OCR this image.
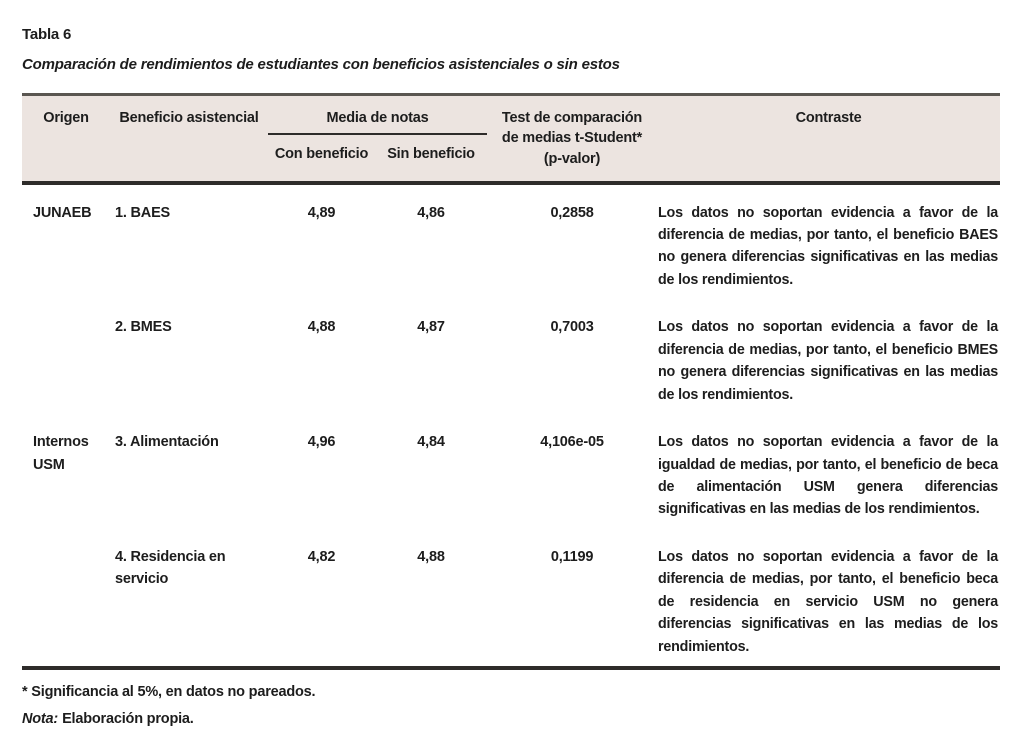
Tabla 6
Comparación de rendimientos de estudiantes con beneficios asistenciales o sin estos
Origen	Beneficio asistencial	Media de notas		Test de comparación de medias t-Student* (p-valor)	Contraste
		Con beneficio	Sin beneficio		
JUNAEB	1. BAES	4,89	4,86	0,2858	Los datos no soportan evidencia a favor de la diferencia de medias, por tanto, el beneficio BAES no genera diferencias significativas en las medias de los rendimientos.
	2. BMES	4,88	4,87	0,7003	Los datos no soportan evidencia a favor de la diferencia de medias, por tanto, el beneficio BMES no genera diferencias significativas en las medias de los rendimientos.
Internos USM	3. Alimentación	4,96	4,84	4,106e-05	Los datos no soportan evidencia a favor de la igualdad de medias, por tanto, el beneficio de beca de alimentación USM genera diferencias significativas en las medias de los rendimientos.
	4. Residencia en servicio	4,82	4,88	0,1199	Los datos no soportan evidencia a favor de la diferencia de medias, por tanto, el beneficio beca de residencia en servicio USM no genera diferencias significativas en las medias de los rendimientos.
* Significancia al 5%, en datos no pareados.
Nota: Elaboración propia.
